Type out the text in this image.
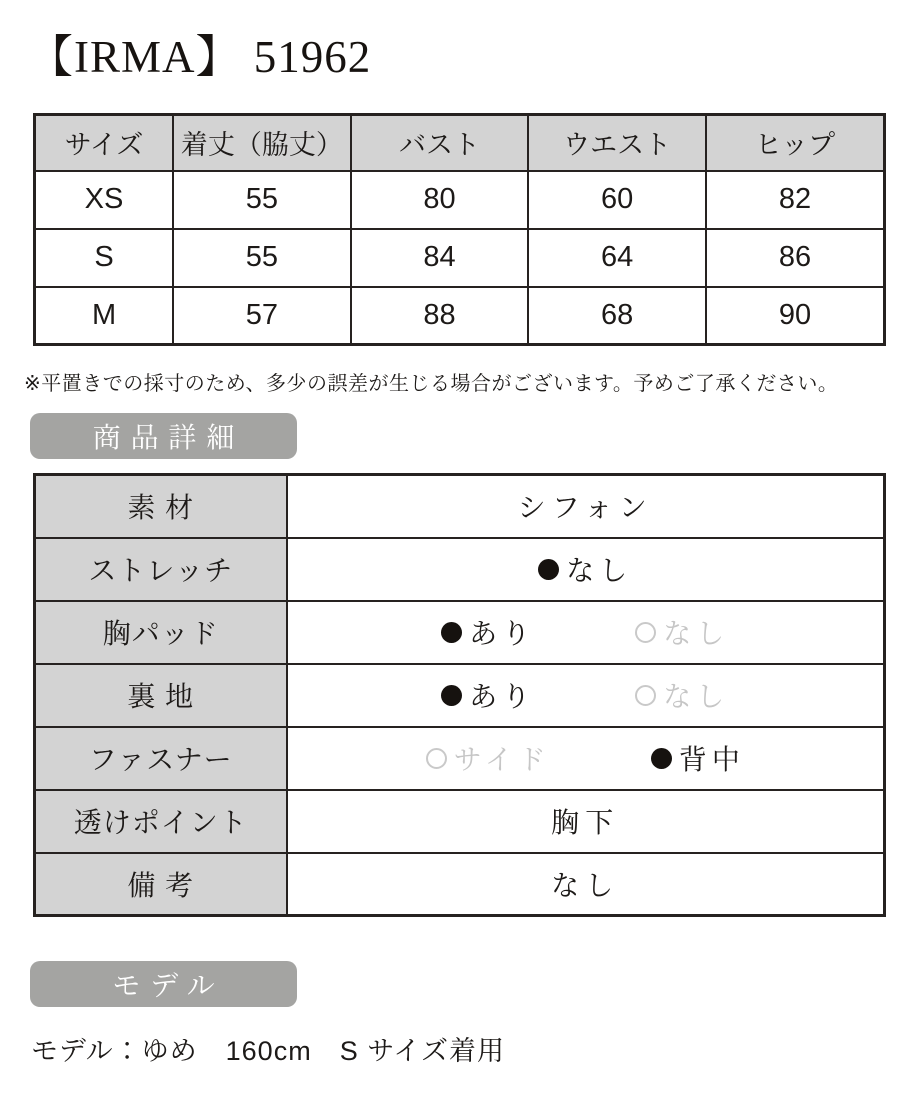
【IRMA】 51962
サイズ	着丈（脇丈）	バスト	ウエスト	ヒップ
XS	55	80	60	82
S	55	84	64	86
M	57	88	68	90
※平置きでの採寸のため、多少の誤差が生じる場合がございます。予めご了承ください。
商品詳細
素 材	シフォン
ストレッチ	なし

胸パッド	あり なし

裏 地	あり なし

ファスナー	サイド 背中

透けポイント	胸下
備 考	なし
モデル
モデル：ゆめ　160cm　S サイズ着用
